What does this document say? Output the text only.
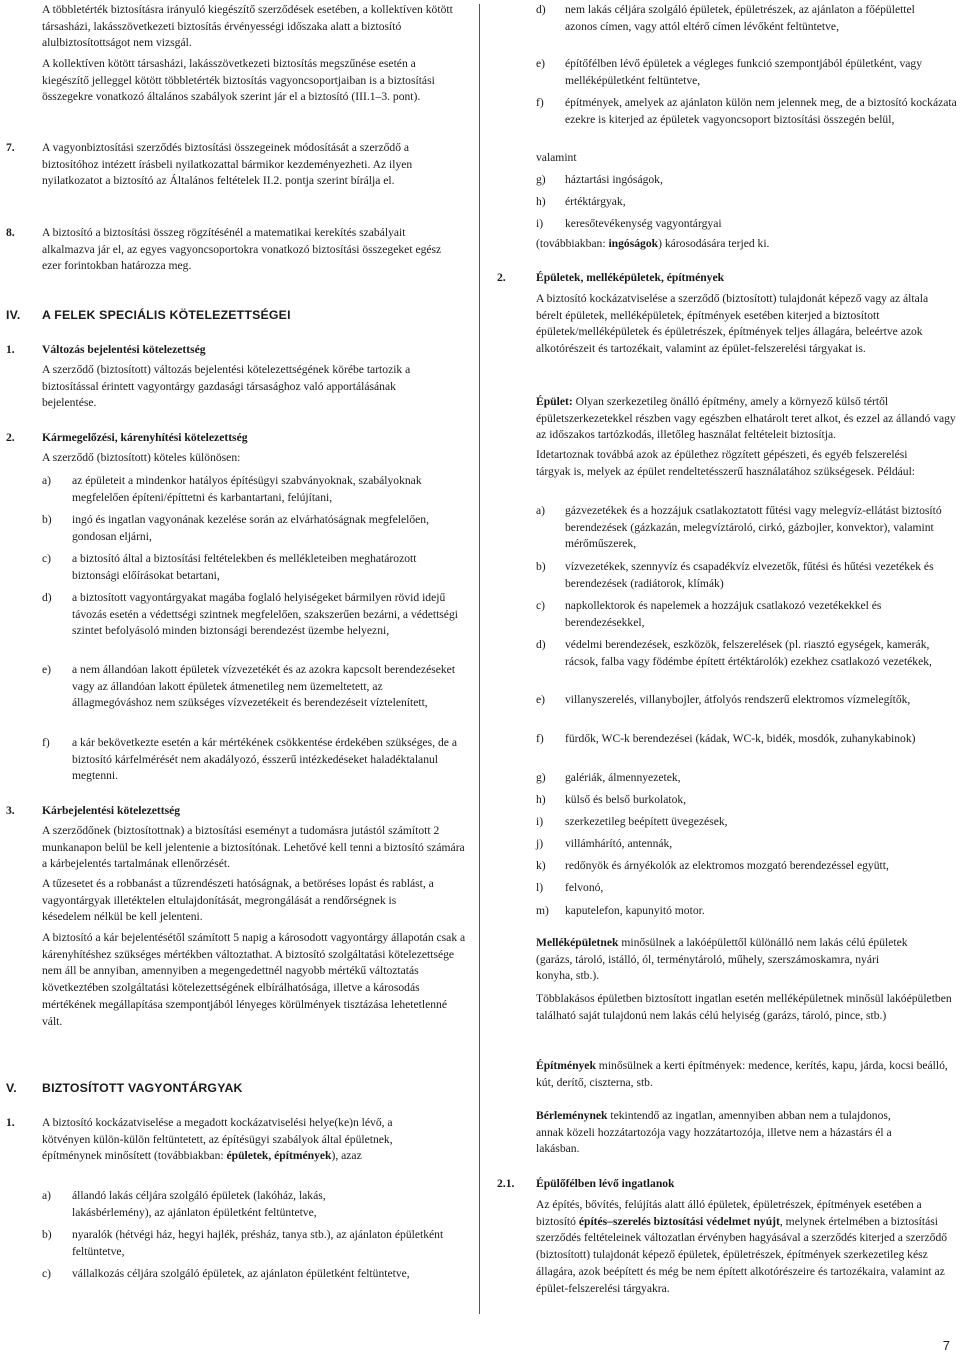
A többletérték biztosításra irányuló kiegészítő szerződések esetében, a kollektíven kötött társasházi, lakásszövetkezeti biztosítás érvényességi időszaka alatt a biztosító alulbiztosítottságot nem vizsgál.

A kollektíven kötött társasházi, lakásszövetkezeti biztosítás megszűnése esetén a kiegészítő jelleggel kötött többletérték biztosítás vagyoncsoportjaiban is a biztosítási összegekre vonatkozó általános szabályok szerint jár el a biztosító (III.1–3. pont).

7. A vagyonbiztosítási szerződés biztosítási összegeinek módosítását a szerződő a biztosítóhoz intézett írásbeli nyilatkozattal bármikor kezdeményezheti. Az ilyen nyilatkozatot a biztosító az Általános feltételek II.2. pontja szerint bírálja el.

8. A biztosító a biztosítási összeg rögzítésénél a matematikai kerekítés szabályait alkalmazva jár el, az egyes vagyoncsoportokra vonatkozó biztosítási összegeket egész ezer forintokban határozza meg.

IV. A FELEK SPECIÁLIS KÖTELEZETTSÉGEI
1. Változás bejelentési kötelezettség

A szerződő (biztosított) változás bejelentési kötelezettségének körébe tartozik a biztosítással érintett vagyontárgy gazdasági társasághoz való apportálásának bejelentése.

2. Kármegelőzési, kárenyhítési kötelezettség

A szerződő (biztosított) köteles különösen:

a) az épületeit a mindenkor hatályos építésügyi szabványoknak, szabályoknak megfelelően építeni/építtetni és karbantartani, felújítani,

b) ingó és ingatlan vagyonának kezelése során az elvárhatóságnak megfelelően, gondosan eljárni,

c) a biztosító által a biztosítási feltételekben és mellékleteiben meghatározott biztonsági előírásokat betartani,

d) a biztosított vagyontárgyakat magába foglaló helyiségeket bármilyen rövid idejű távozás esetén a védettségi szintnek megfelelően, szakszerűen bezárni, a védettségi szintet befolyásoló minden biztonsági berendezést üzembe helyezni,

e) a nem állandóan lakott épületek vízvezetékét és az azokra kapcsolt berendezéseket vagy az állandóan lakott épületek átmenetileg nem üzemeltetett, az állagmegóváshoz nem szükséges vízvezetékeit és berendezéseit víztelenített,

f) a kár bekövetkezte esetén a kár mértékének csökkentése érdekében szükséges, de a biztosító kárfelmérését nem akadályozó, ésszerű intézkedéseket haladéktalanul megtenni.

3. Kárbejelentési kötelezettség

A szerződőnek (biztosítottnak) a biztosítási eseményt a tudomásra jutástól számított 2 munkanapon belül be kell jelentenie a biztosítónak. Lehetővé kell tenni a biztosító számára a kárbejelentés tartalmának ellenőrzését.

A tűzesetet és a robbanást a tűzrendészeti hatóságnak, a betöréses lopást és rablást, a vagyontárgyak illetéktelen eltulajdonítását, megrongálását a rendőrségnek is késedelem nélkül be kell jelenteni.

A biztosító a kár bejelentésétől számított 5 napig a károsodott vagyontárgy állapotán csak a kárenyhítéshez szükséges mértékben változtathat. A biztosító szolgáltatási kötelezettsége nem áll be annyiban, amennyiben a megengedettnél nagyobb mértékű változtatás következtében szolgáltatási kötelezettségének elbírálhatósága, illetve a károsodás mértékének megállapítása szempontjából lényeges körülmények tisztázása lehetetlenné vált.

V. BIZTOSÍTOTT VAGYONTÁRGYAK
1. A biztosító kockázatviselése a megadott kockázatviselési helye(ke)n lévő, a kötvényen külön-külön feltüntetett, az építésügyi szabályok által épületnek, építménynek minősített (továbbiakban: épületek, építmények), azaz

a) állandó lakás céljára szolgáló épületek (lakóház, lakás, lakásbérlemény), az ajánlaton épületként feltüntetve,

b) nyaralók (hétvégi ház, hegyi hajlék, présház, tanya stb.), az ajánlaton épületként feltüntetve,

c) vállalkozás céljára szolgáló épületek, az ajánlaton épületként feltüntetve,

d) nem lakás céljára szolgáló épületek, épületrészek, az ajánlaton a főépülettel azonos címen, vagy attól eltérő címen lévőként feltüntetve,

e) építőfélben lévő épületek a végleges funkció szempontjából épületként, vagy melléképületként feltüntetve,

f) építmények, amelyek az ajánlaton külön nem jelennek meg, de a biztosító kockázata ezekre is kiterjed az épületek vagyoncsoport biztosítási összegén belül,

valamint
g) háztartási ingóságok,

h) értéktárgyak,

i) keresőtevékenység vagyontárgyai

(továbbiakban: ingóságok) károsodására terjed ki.

2.	Épületek, melléképületek, építmények

A biztosító kockázatviselése a szerződő (biztosított) tulajdonát képező vagy az általa bérelt épületek, melléképületek, építmények esetében kiterjed a biztosított épületek/melléképületek és épületrészek, építmények teljes állagára, beleértve azok alkotórészeit és tartozékait, valamint az épület-felszerelési tárgyakat is.

Épület: Olyan szerkezetileg önálló építmény, amely a környező külső tértől épületszerkezetekkel részben vagy egészben elhatárolt teret alkot, és ezzel az állandó vagy az időszakos tartózkodás, illetőleg használat feltételeit biztosítja.

Idetartoznak továbbá azok az épülethez rögzített gépészeti, és egyéb felszerelési tárgyak is, melyek az épület rendeltetésszerű használatához szükségesek. Például:

a) gázvezetékek és a hozzájuk csatlakoztatott fűtési vagy melegvíz-ellátást biztosító berendezések (gázkazán, melegvíztároló, cirkó, gázbojler, konvektor), valamint mérőműszerek,

b) vízvezetékek, szennyvíz és csapadékvíz elvezetők, fűtési és hűtési vezetékek és berendezések (radiátorok, klímák)

c) napkollektorok és napelemek a hozzájuk csatlakozó vezetékekkel és berendezésekkel,

d) védelmi berendezések, eszközök, felszerelések (pl. riasztó egységek, kamerák, rácsok, falba vagy födémbe épített értéktárolók) ezekhez csatlakozó vezetékek,

e) villanyszerelés, villanybojler, átfolyós rendszerű elektromos vízmelegítők,

f) fürdők, WC-k berendezései (kádak, WC-k, bidék, mosdók, zuhanykabinok)

g) galériák, álmennyezetek,

h) külső és belső burkolatok,

i) szerkezetileg beépített üvegezések,

j) villámhárító, antennák,

k) redőnyök és árnyékolók az elektromos mozgató berendezéssel együtt,

l) felvonó,

m) kaputelefon, kapunyitó motor.

Melléképületnek minősülnek a lakóépülettől különálló nem lakás célú épületek (garázs, tároló, istálló, ól, terménytároló, műhely, szerszámoskamra, nyári konyha, stb.).

Többlakásos épületben biztosított ingatlan esetén melléképületnek minősül lakóépületben található saját tulajdonú nem lakás célú helyiség (garázs, tároló, pince, stb.)

Építmények minősülnek a kerti építmények: medence, kerítés, kapu, járda, kocsi beálló, kút, derítő, ciszterna, stb.

Bérleménynek tekintendő az ingatlan, amennyiben abban nem a tulajdonos, annak közeli hozzátartozója vagy hozzátartozója, illetve nem a házastárs él a lakásban.

2.1. Épülőfélben lévő ingatlanok

Az építés, bővítés, felújítás alatt álló épületek, épületrészek, építmények esetében a biztosító építés–szerelés biztosítási védelmet nyújt, melynek értelmében a biztosítási szerződés feltételeinek változatlan érvényben hagyásával a szerződés kiterjed a szerződő (biztosított) tulajdonát képező épületek, épületrészek, építmények szerkezetileg kész állagára, azok beépített és még be nem épített alkotórészeire és tartozékaira, valamint az épület-felszerelési tárgyakra.

7
